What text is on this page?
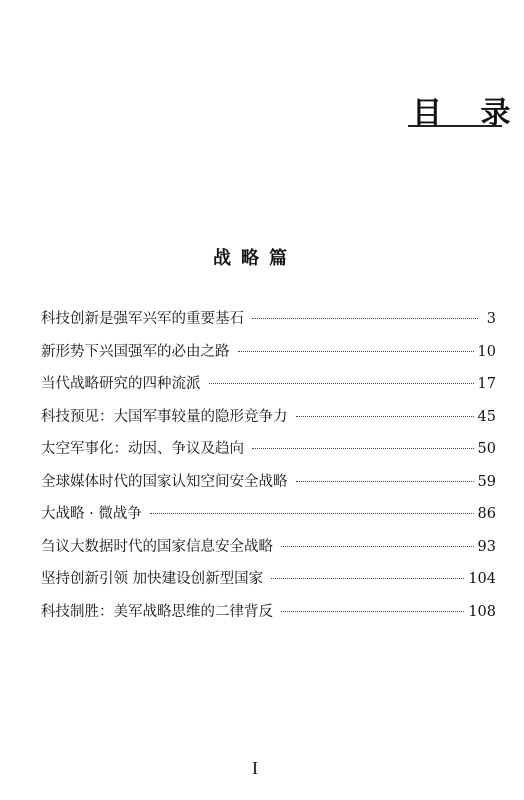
目 录
战略篇
科技创新是强军兴军的重要基石	3
新形势下兴国强军的必由之路	10
当代战略研究的四种流派	17
科技预见：大国军事较量的隐形竞争力	45
太空军事化：动因、争议及趋向	50
全球媒体时代的国家认知空间安全战略	59
大战略 · 微战争	86
刍议大数据时代的国家信息安全战略	93
坚持创新引领 加快建设创新型国家	104
科技制胜：美军战略思维的二律背反	108
I
